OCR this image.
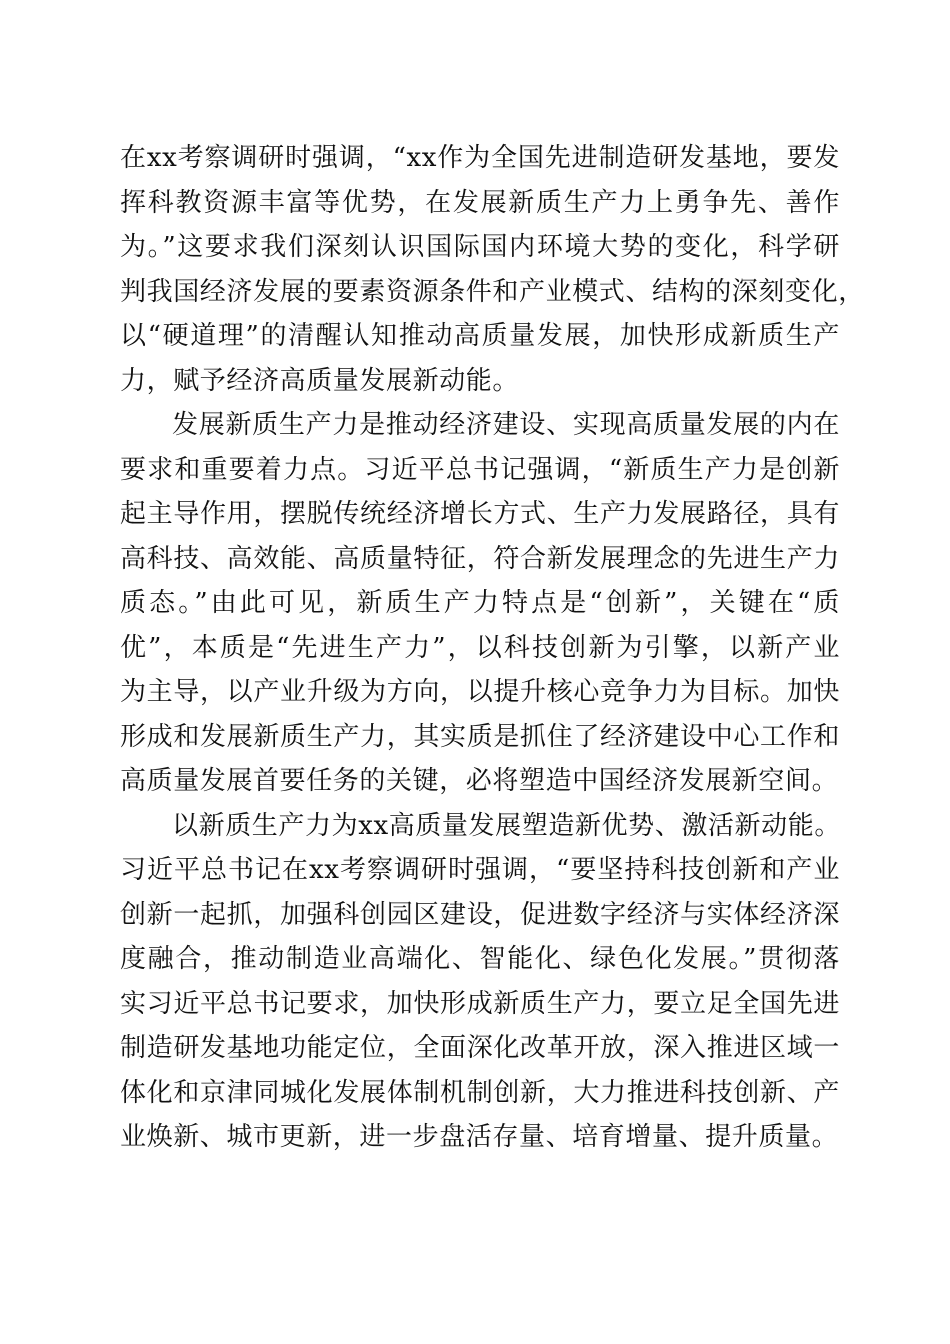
在xx考察调研时强调，“xx作为全国先进制造研发基地，要发
挥科教资源丰富等优势，在发展新质生产力上勇争先、善作
为。”这要求我们深刻认识国际国内环境大势的变化，科学研
判我国经济发展的要素资源条件和产业模式、结构的深刻变化，
以“硬道理”的清醒认知推动高质量发展，加快形成新质生产
力，赋予经济高质量发展新动能。
发展新质生产力是推动经济建设、实现高质量发展的内在
要求和重要着力点。习近平总书记强调，“新质生产力是创新
起主导作用，摆脱传统经济增长方式、生产力发展路径，具有
高科技、高效能、高质量特征，符合新发展理念的先进生产力
质态。”由此可见，新质生产力特点是“创新”，关键在“质
优”，本质是“先进生产力”，以科技创新为引擎，以新产业
为主导，以产业升级为方向，以提升核心竞争力为目标。加快
形成和发展新质生产力，其实质是抓住了经济建设中心工作和
高质量发展首要任务的关键，必将塑造中国经济发展新空间。
以新质生产力为xx高质量发展塑造新优势、激活新动能。
习近平总书记在xx考察调研时强调，“要坚持科技创新和产业
创新一起抓，加强科创园区建设，促进数字经济与实体经济深
度融合，推动制造业高端化、智能化、绿色化发展。”贯彻落
实习近平总书记要求，加快形成新质生产力，要立足全国先进
制造研发基地功能定位，全面深化改革开放，深入推进区域一
体化和京津同城化发展体制机制创新，大力推进科技创新、产
业焕新、城市更新，进一步盘活存量、培育增量、提升质量。
